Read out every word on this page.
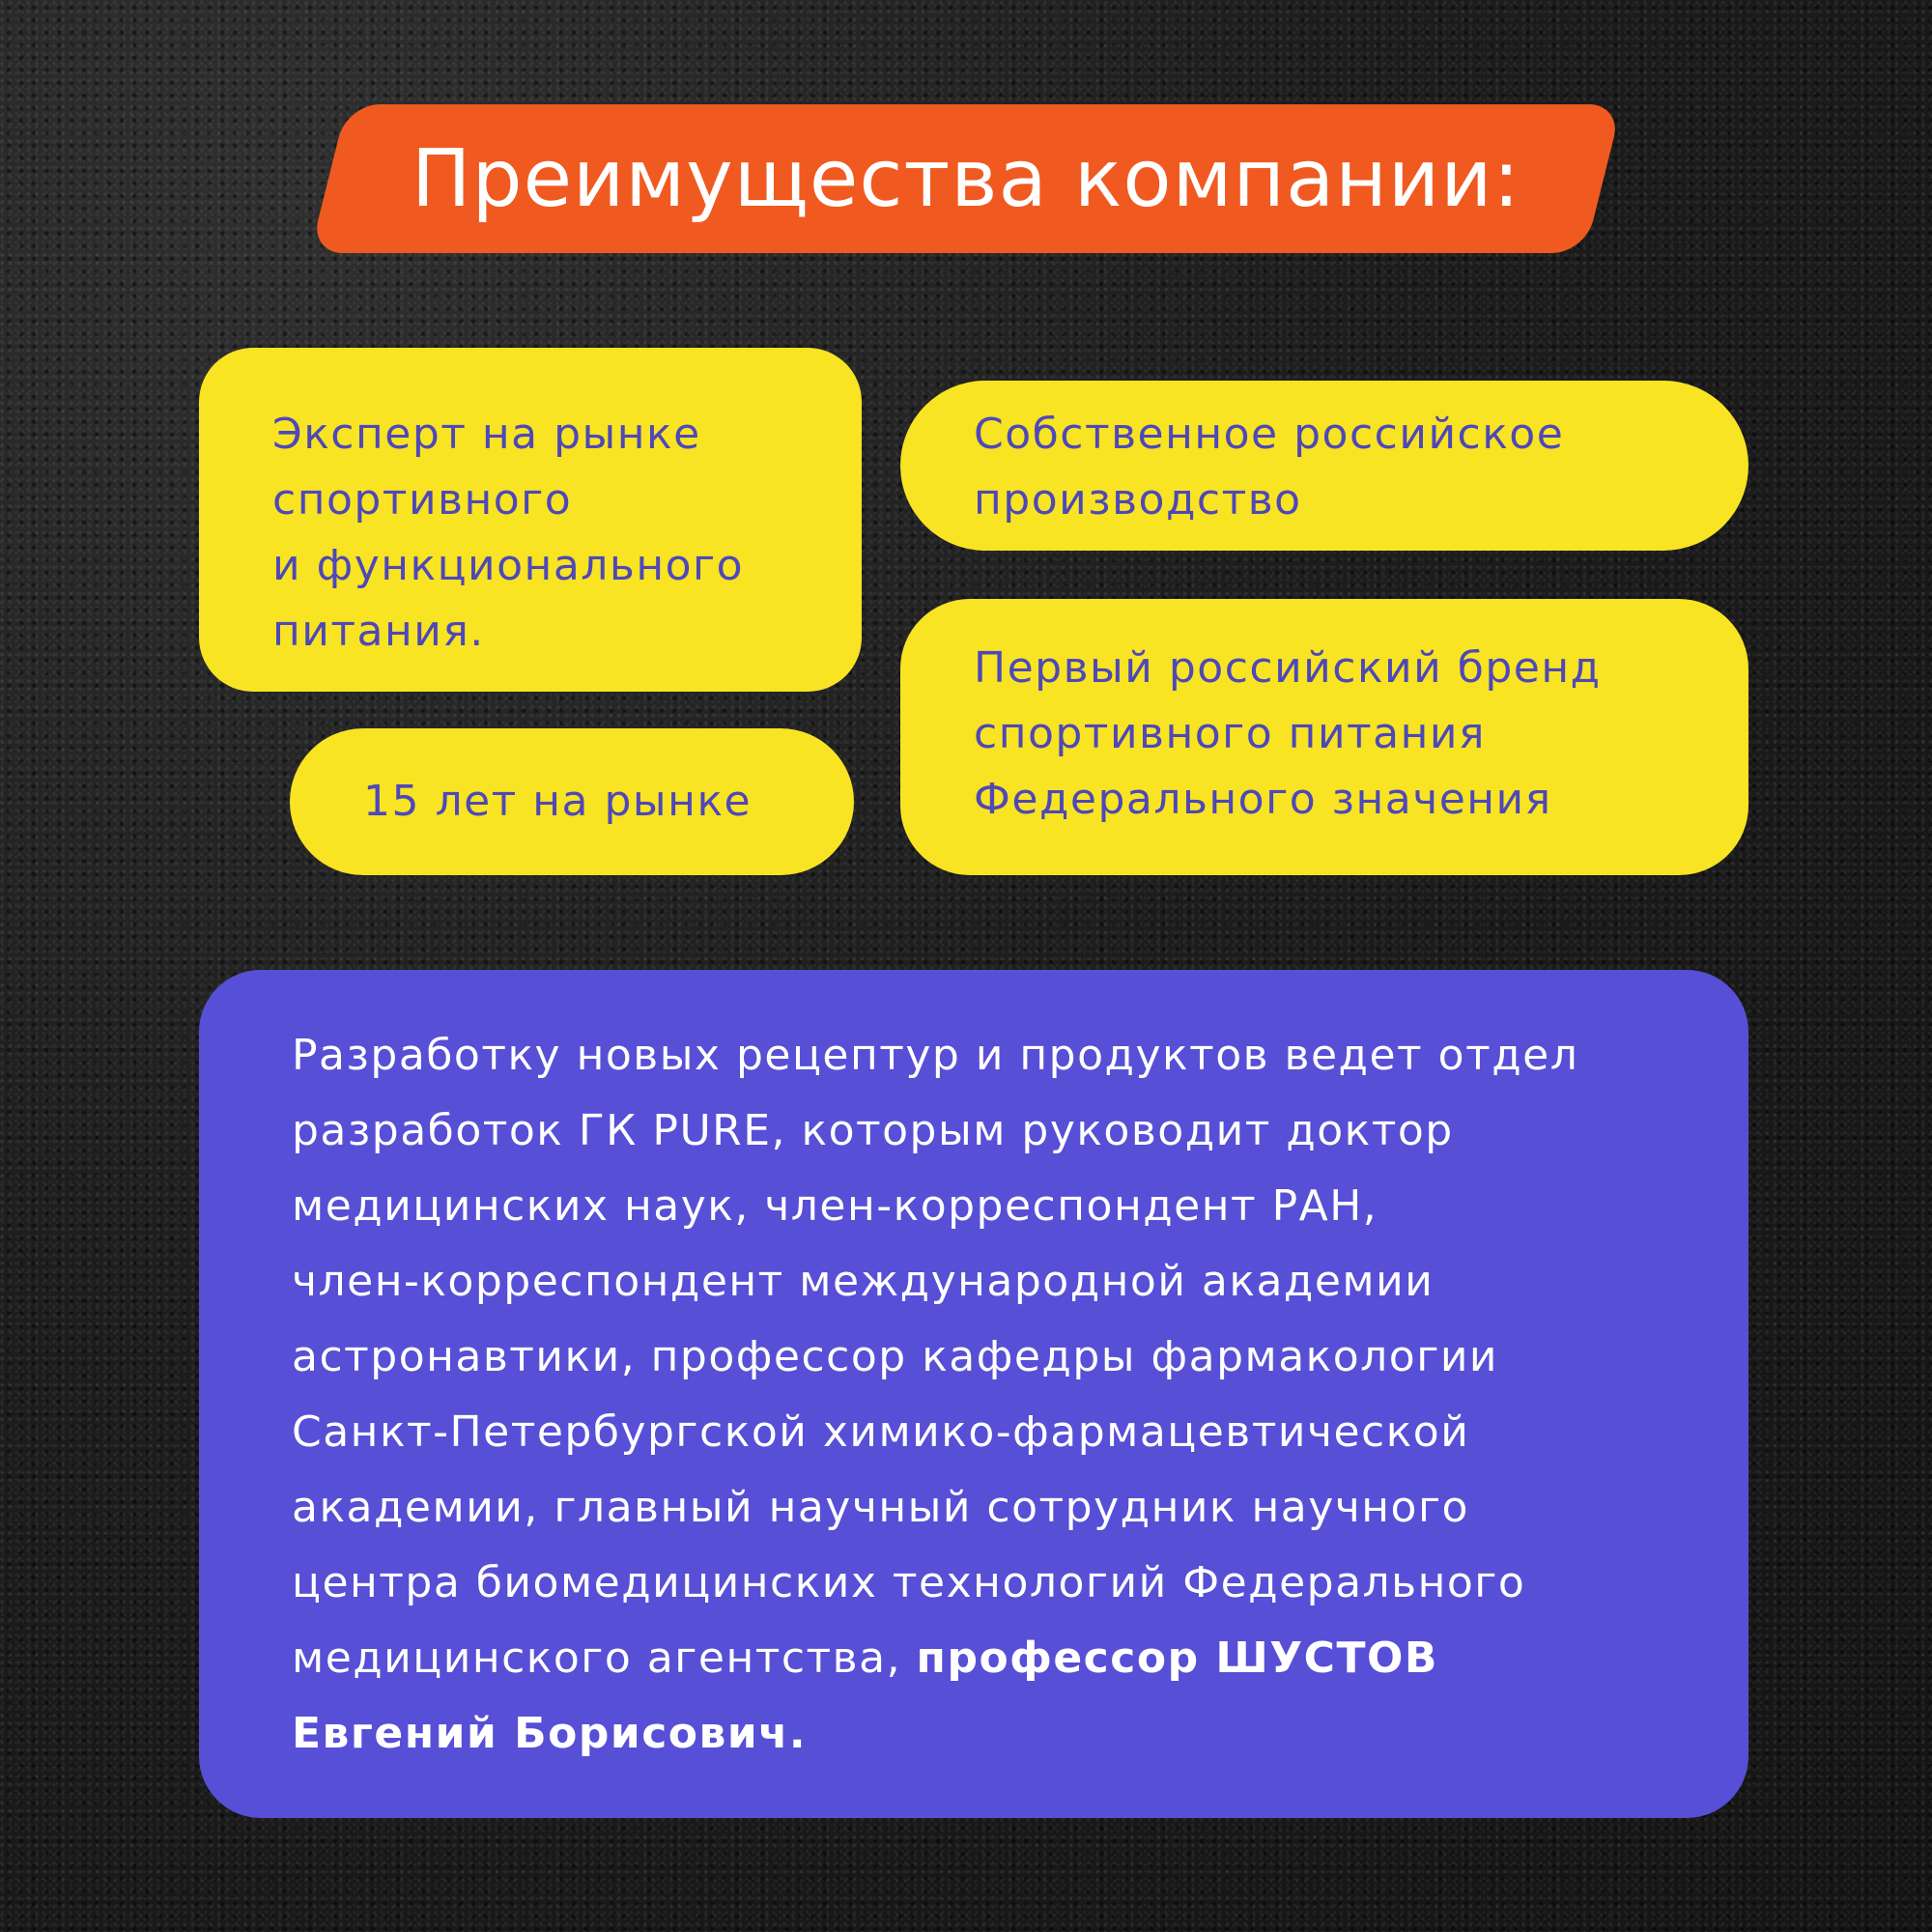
Преимущества компании:
Эксперт на рынке
спортивного
и функционального
питания.
15 лет на рынке
Собственное российское
производство
Первый российский бренд
спортивного питания
Федерального значения
Разработку новых рецептур и продуктов ведет отдел
разработок ГК PURE, которым руководит доктор
медицинских наук, член-корреспондент РАН,
член-корреспондент международной академии
астронавтики, профессор кафедры фармакологии
Санкт-Петербургской химико-фармацевтической
академии, главный научный сотрудник научного
центра биомедицинских технологий Федерального
медицинского агентства, профессор ШУСТОВ
Евгений Борисович.
